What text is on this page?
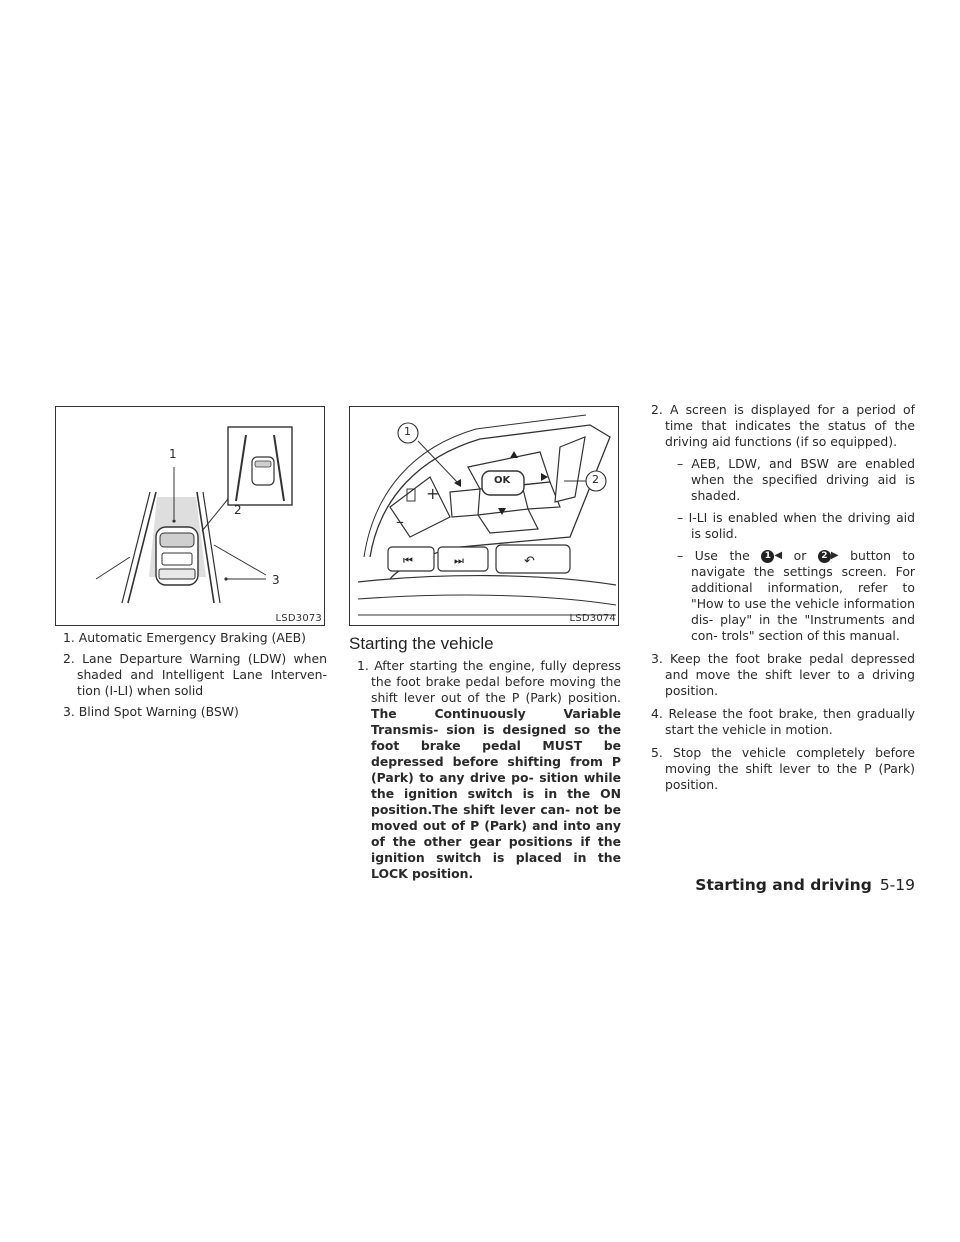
1
2
3
LSD3073
1. Automatic Emergency Braking (AEB)
2. Lane Departure Warning (LDW) when shaded and Intelligent Lane Interven- tion (I-LI) when solid
3. Blind Spot Warning (BSW)
+
–
⏮	⏭	↶
OK
1
2
LSD3074
Starting the vehicle
1. After starting the engine, fully depress the foot brake pedal before moving the shift lever out of the P (Park) position. The Continuously Variable Transmis- sion is designed so the foot brake pedal MUST be depressed before shifting from P (Park) to any drive po- sition while the ignition switch is in the ON position.The shift lever can- not be moved out of P (Park) and into any of the other gear positions if the ignition switch is placed in the LOCK position.
2. A screen is displayed for a period of time that indicates the status of the driving aid functions (if so equipped).
– AEB, LDW, and BSW are enabled when the specified driving aid is shaded.
– I-LI is enabled when the driving aid is solid.
– Use the 1 ◀ or 2 ▶ button to navigate the settings screen. For additional information, refer to "How to use the vehicle information dis- play" in the "Instruments and con- trols" section of this manual.
3. Keep the foot brake pedal depressed and move the shift lever to a driving position.
4. Release the foot brake, then gradually start the vehicle in motion.
5. Stop the vehicle completely before moving the shift lever to the P (Park) position.
Starting and driving 5-19
